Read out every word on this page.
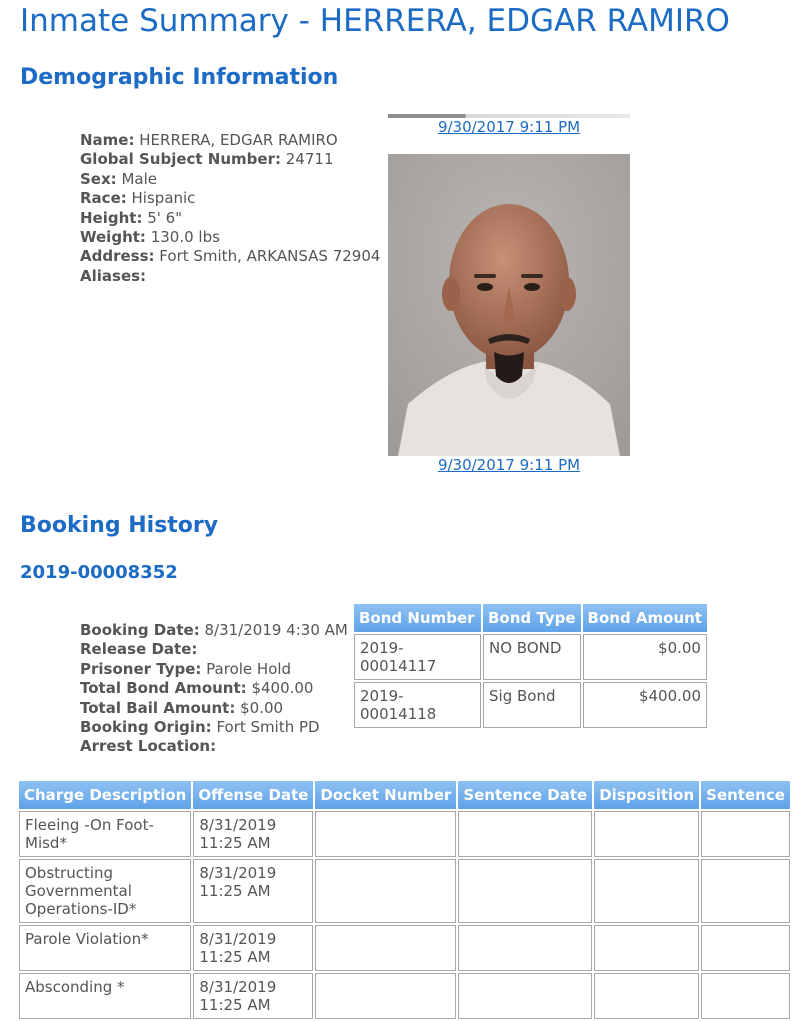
Inmate Summary - HERRERA, EDGAR RAMIRO
Demographic Information
Name: HERRERA, EDGAR RAMIRO
Global Subject Number: 24711
Sex: Male
Race: Hispanic
Height: 5' 6"
Weight: 130.0 lbs
Address: Fort Smith, ARKANSAS 72904
Aliases:
9/30/2017 9:11 PM
9/30/2017 9:11 PM
Booking History
2019-00008352
Booking Date: 8/31/2019 4:30 AM
Release Date:
Prisoner Type: Parole Hold
Total Bond Amount: $400.00
Total Bail Amount: $0.00
Booking Origin: Fort Smith PD
Arrest Location:
Bond Number	Bond Type	Bond Amount
2019-00014117	NO BOND	$0.00
2019-00014118	Sig Bond	$400.00
Charge Description	Offense Date	Docket Number	Sentence Date	Disposition	Sentence
Fleeing -On Foot-Misd*	8/31/2019 11:25 AM				
Obstructing Governmental Operations-ID*	8/31/2019 11:25 AM				
Parole Violation*	8/31/2019 11:25 AM				
Absconding *	8/31/2019 11:25 AM				
